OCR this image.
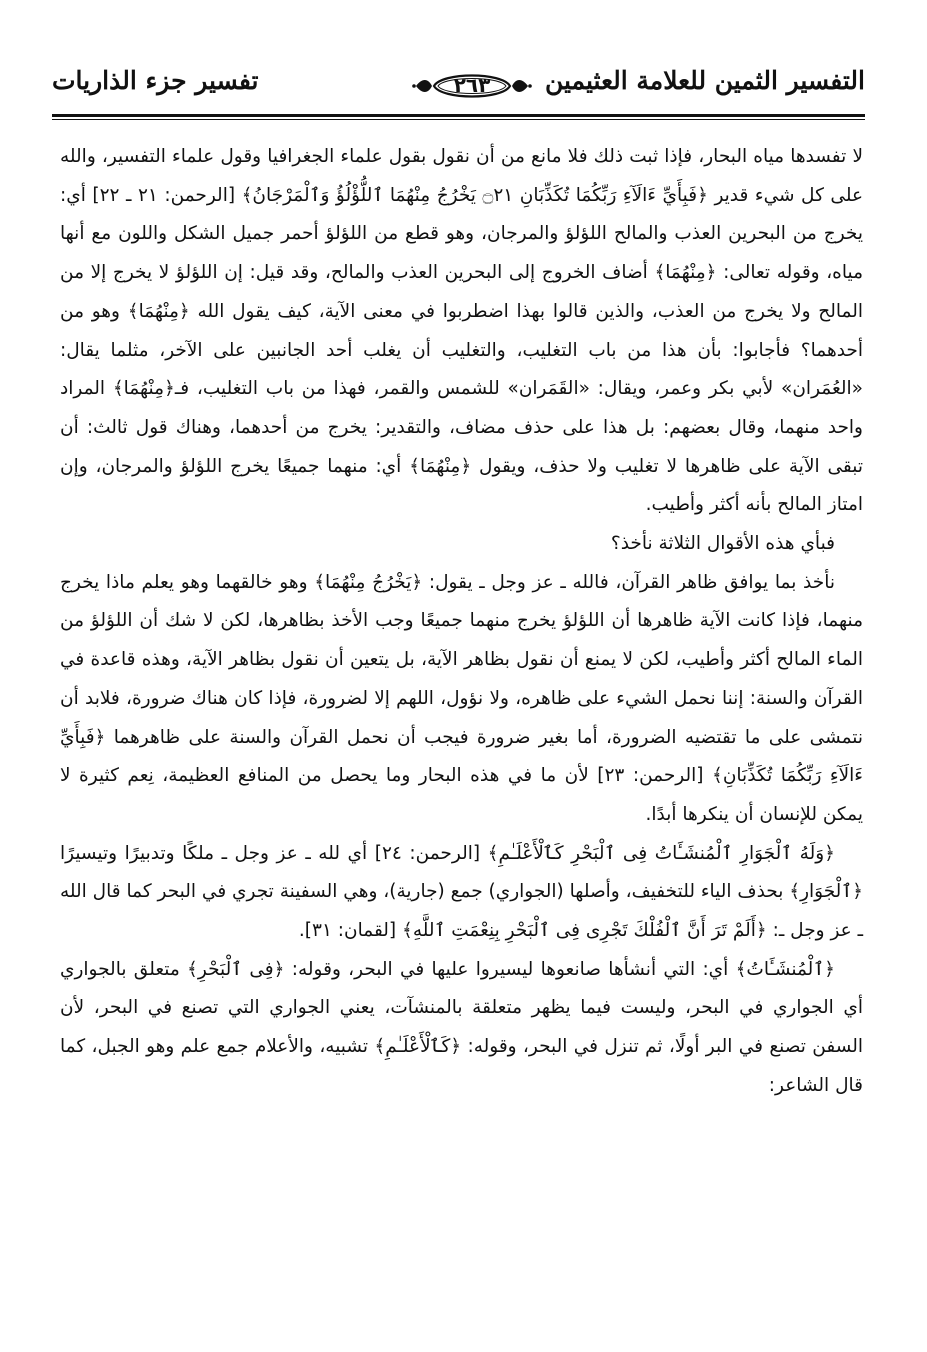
التفسير الثمين للعلامة العثيمين
٢٦٣
تفسير جزء الذاريات

لا تفسدها مياه البحار، فإذا ثبت ذلك فلا مانع من أن نقول بقول علماء الجغرافيا وقول علماء التفسير، والله على كل شيء قدير ﴿فَبِأَيِّ ءَالَآءِ رَبِّكُمَا تُكَذِّبَانِ ۝٢١ يَخْرُجُ مِنْهُمَا ٱللُّؤْلُؤُ وَٱلْمَرْجَانُ﴾ [الرحمن: ٢١ ـ ٢٢] أي: يخرج من البحرين العذب والمالح اللؤلؤ والمرجان، وهو قطع من اللؤلؤ أحمر جميل الشكل واللون مع أنها مياه، وقوله تعالى: ﴿مِنْهُمَا﴾ أضاف الخروج إلى البحرين العذب والمالح، وقد قيل: إن اللؤلؤ لا يخرج إلا من المالح ولا يخرج من العذب، والذين قالوا بهذا اضطربوا في معنى الآية، كيف يقول الله ﴿مِنْهُمَا﴾ وهو من أحدهما؟ فأجابوا: بأن هذا من باب التغليب، والتغليب أن يغلب أحد الجانبين على الآخر، مثلما يقال: «العُمَران» لأبي بكر وعمر، ويقال: «القَمَران» للشمس والقمر، فهذا من باب التغليب، فـ﴿مِنْهُمَا﴾ المراد واحد منهما، وقال بعضهم: بل هذا على حذف مضاف، والتقدير: يخرج من أحدهما، وهناك قول ثالث: أن تبقى الآية على ظاهرها لا تغليب ولا حذف، ويقول ﴿مِنْهُمَا﴾ أي: منهما جميعًا يخرج اللؤلؤ والمرجان، وإن امتاز المالح بأنه أكثر وأطيب.

فبأي هذه الأقوال الثلاثة نأخذ؟

نأخذ بما يوافق ظاهر القرآن، فالله ـ عز وجل ـ يقول: ﴿يَخْرُجُ مِنْهُمَا﴾ وهو خالقهما وهو يعلم ماذا يخرج منهما، فإذا كانت الآية ظاهرها أن اللؤلؤ يخرج منهما جميعًا وجب الأخذ بظاهرها، لكن لا شك أن اللؤلؤ من الماء المالح أكثر وأطيب، لكن لا يمنع أن نقول بظاهر الآية، بل يتعين أن نقول بظاهر الآية، وهذه قاعدة في القرآن والسنة: إننا نحمل الشيء على ظاهره، ولا نؤول، اللهم إلا لضرورة، فإذا كان هناك ضرورة، فلابد أن نتمشى على ما تقتضيه الضرورة، أما بغير ضرورة فيجب أن نحمل القرآن والسنة على ظاهرهما ﴿فَبِأَيِّ ءَالَآءِ رَبِّكُمَا تُكَذِّبَانِ﴾ [الرحمن: ٢٣] لأن ما في هذه البحار وما يحصل من المنافع العظيمة، نِعم كثيرة لا يمكن للإنسان أن ينكرها أبدًا.

﴿وَلَهُ ٱلْجَوَارِ ٱلْمُنشَـَٔاتُ فِى ٱلْبَحْرِ كَٱلْأَعْلَـٰمِ﴾ [الرحمن: ٢٤] أي لله ـ عز وجل ـ ملكًا وتدبيرًا وتيسيرًا ﴿ٱلْجَوَارِ﴾ بحذف الياء للتخفيف، وأصلها (الجواري) جمع (جارية)، وهي السفينة تجري في البحر كما قال الله ـ عز وجل ـ: ﴿أَلَمْ تَرَ أَنَّ ٱلْفُلْكَ تَجْرِى فِى ٱلْبَحْرِ بِنِعْمَتِ ٱللَّهِ﴾ [لقمان: ٣١].

﴿ٱلْمُنشَـَٔاتُ﴾ أي: التي أنشأها صانعوها ليسيروا عليها في البحر، وقوله: ﴿فِى ٱلْبَحْرِ﴾ متعلق بالجواري أي الجواري في البحر، وليست فيما يظهر متعلقة بالمنشآت، يعني الجواري التي تصنع في البحر، لأن السفن تصنع في البر أولًا، ثم تنزل في البحر، وقوله: ﴿كَٱلْأَعْلَـٰمِ﴾ تشبيه، والأعلام جمع علم وهو الجبل، كما قال الشاعر:
